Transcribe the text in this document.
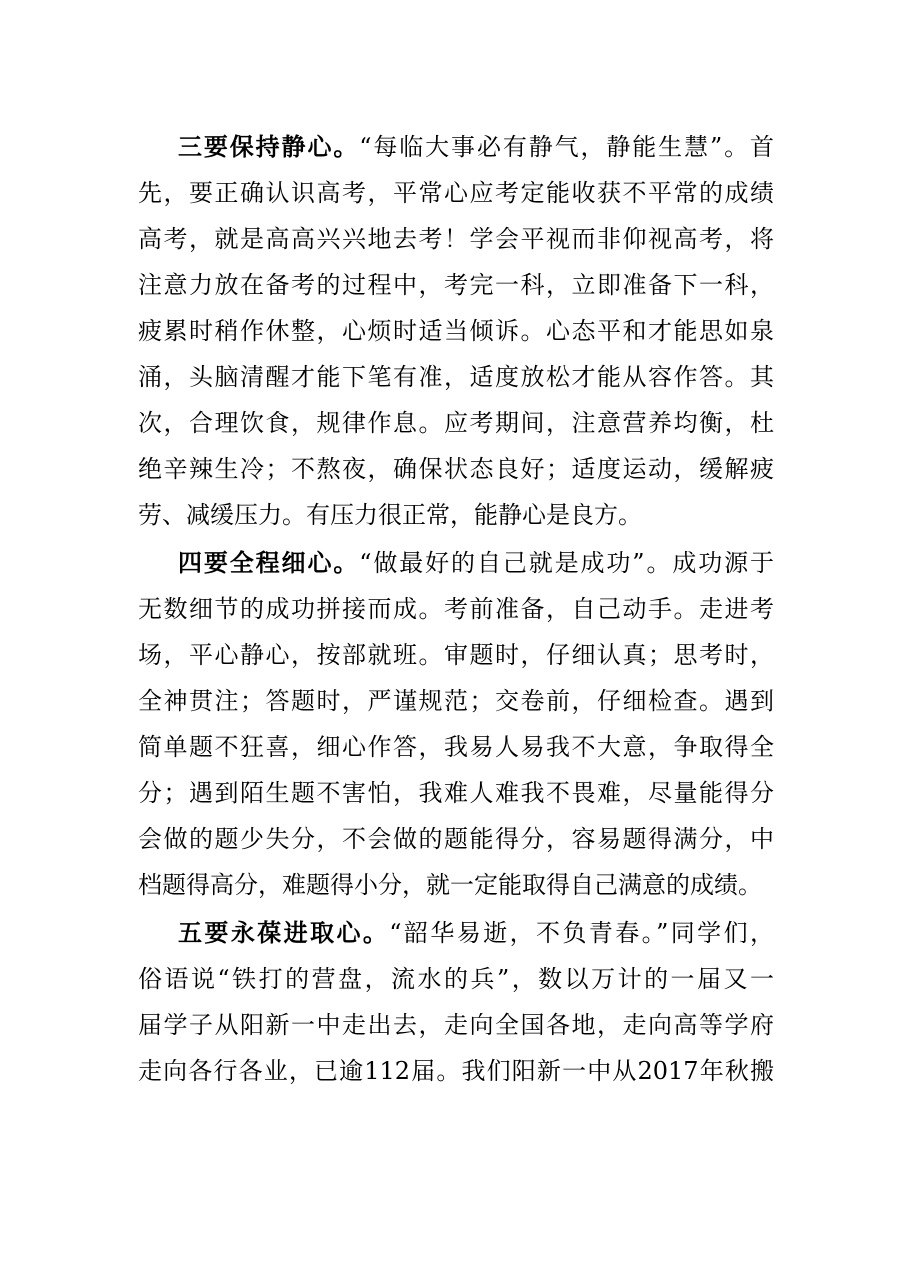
三要保持静心。“每临大事必有静气，静能生慧”。首
先，要正确认识高考，平常心应考定能收获不平常的成绩
高考，就是高高兴兴地去考！学会平视而非仰视高考，将
注意力放在备考的过程中，考完一科，立即准备下一科，
疲累时稍作休整，心烦时适当倾诉。心态平和才能思如泉
涌，头脑清醒才能下笔有准，适度放松才能从容作答。其
次，合理饮食，规律作息。应考期间，注意营养均衡，杜
绝辛辣生冷；不熬夜，确保状态良好；适度运动，缓解疲
劳、减缓压力。有压力很正常，能静心是良方。
四要全程细心。“做最好的自己就是成功”。成功源于
无数细节的成功拼接而成。考前准备，自己动手。走进考
场，平心静心，按部就班。审题时，仔细认真；思考时，
全神贯注；答题时，严谨规范；交卷前，仔细检查。遇到
简单题不狂喜，细心作答，我易人易我不大意，争取得全
分；遇到陌生题不害怕，我难人难我不畏难，尽量能得分
会做的题少失分，不会做的题能得分，容易题得满分，中
档题得高分，难题得小分，就一定能取得自己满意的成绩。
五要永葆进取心。“韶华易逝，不负青春。”同学们，
俗语说“铁打的营盘，流水的兵”，数以万计的一届又一
届学子从阳新一中走出去，走向全国各地，走向高等学府
走向各行各业，已逾112届。我们阳新一中从2017年秋搬
